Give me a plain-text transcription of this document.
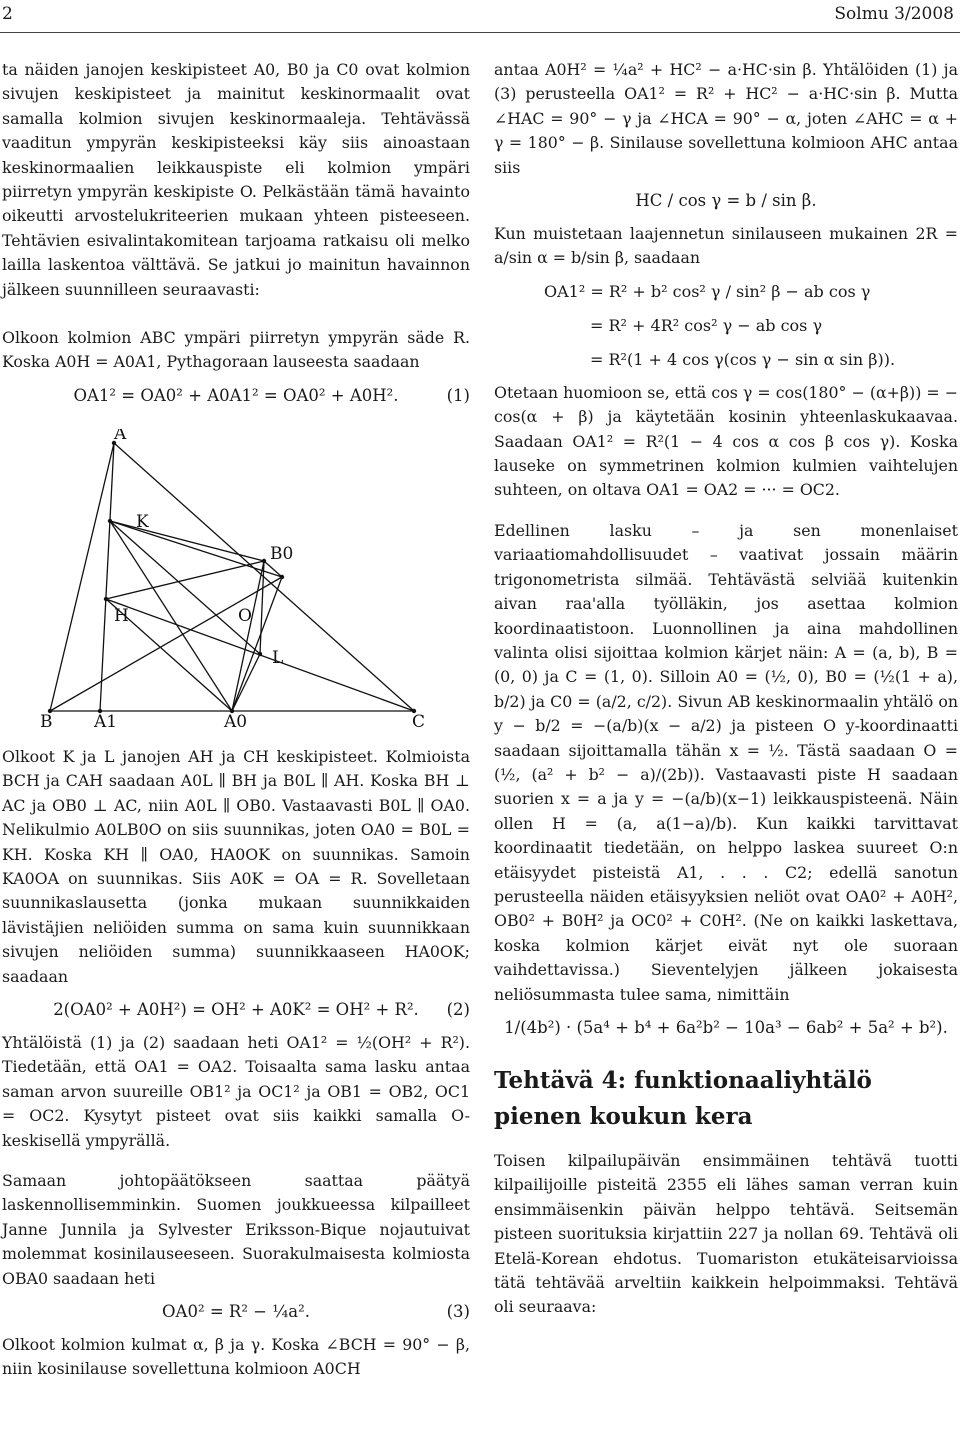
2	Solmu 3/2008

ta näiden janojen keskipisteet A0, B0 ja C0 ovat kolmion sivujen keskipisteet ja mainitut keskinormaalit ovat samalla kolmion sivujen keskinormaaleja. Tehtävässä vaaditun ympyrän keskipisteeksi käy siis ainoastaan keskinormaalien leikkauspiste eli kolmion ympäri piirretyn ympyrän keskipiste O. Pelkästään tämä havainto oikeutti arvostelukriteerien mukaan yhteen pisteeseen. Tehtävien esivalintakomitean tarjoama ratkaisu oli melko lailla laskentoa välttävä. Se jatkui jo mainitun havainnon jälkeen suunnilleen seuraavasti:

Olkoon kolmion ABC ympäri piirretyn ympyrän säde R. Koska A0H = A0A1, Pythagoraan lauseesta saadaan

OA1² = OA0² + A0A1² = OA0² + A0H².	(1)
A
K
B0
H	O
L
B A1	A0	C

Olkoot K ja L janojen AH ja CH keskipisteet. Kolmioista BCH ja CAH saadaan A0L ∥ BH ja B0L ∥ AH. Koska BH ⊥ AC ja OB0 ⊥ AC, niin A0L ∥ OB0. Vastaavasti B0L ∥ OA0. Nelikulmio A0LB0O on siis suunnikas, joten OA0 = B0L = KH. Koska KH ∥ OA0, HA0OK on suunnikas. Samoin KA0OA on suunnikas. Siis A0K = OA = R. Sovelletaan suunnikaslausetta (jonka mukaan suunnikkaiden lävistäjien neliöiden summa on sama kuin suunnikkaan sivujen neliöiden summa) suunnikkaaseen HA0OK; saadaan

2(OA0² + A0H²) = OH² + A0K² = OH² + R². (2)

Yhtälöistä (1) ja (2) saadaan heti OA1² = ½(OH² + R²). Tiedetään, että OA1 = OA2. Toisaalta sama lasku antaa saman arvon suureille OB1² ja OC1² ja OB1 = OB2, OC1 = OC2. Kysytyt pisteet ovat siis kaikki samalla O-keskisellä ympyrällä.

Samaan johtopäätökseen saattaa päätyä laskennollisemminkin. Suomen joukkueessa kilpailleet Janne Junnila ja Sylvester Eriksson-Bique nojautuivat molemmat kosinilauseeseen. Suorakulmaisesta kolmiosta OBA0 saadaan heti

OA0² = R² − ¼a².	(3)

Olkoot kolmion kulmat α, β ja γ. Koska ∠BCH = 90° − β, niin kosinilause sovellettuna kolmioon A0CH

antaa A0H² = ¼a² + HC² − a·HC·sin β. Yhtälöiden (1) ja (3) perusteella OA1² = R² + HC² − a·HC·sin β. Mutta ∠HAC = 90° − γ ja ∠HCA = 90° − α, joten ∠AHC = α + γ = 180° − β. Sinilause sovellettuna kolmioon AHC antaa siis

HC / cos γ = b / sin β.

Kun muistetaan laajennetun sinilauseen mukainen 2R = a/sin α = b/sin β, saadaan

OA1² = R² + b² cos² γ / sin² β − ab cos γ
= R² + 4R² cos² γ − ab cos γ
= R²(1 + 4 cos γ(cos γ − sin α sin β)).

Otetaan huomioon se, että cos γ = cos(180° − (α+β)) = − cos(α + β) ja käytetään kosinin yhteenlaskukaavaa. Saadaan OA1² = R²(1 − 4 cos α cos β cos γ). Koska lauseke on symmetrinen kolmion kulmien vaihtelujen suhteen, on oltava OA1 = OA2 = ··· = OC2.

Edellinen lasku – ja sen monenlaiset variaatiomahdollisuudet – vaativat jossain määrin trigonometrista silmää. Tehtävästä selviää kuitenkin aivan raa'alla työlläkin, jos asettaa kolmion koordinaatistoon. Luonnollinen ja aina mahdollinen valinta olisi sijoittaa kolmion kärjet näin: A = (a, b), B = (0, 0) ja C = (1, 0). Silloin A0 = (½, 0), B0 = (½(1 + a), b/2) ja C0 = (a/2, c/2). Sivun AB keskinormaalin yhtälö on y − b/2 = −(a/b)(x − a/2) ja pisteen O y-koordinaatti saadaan sijoittamalla tähän x = ½. Tästä saadaan O = (½, (a² + b² − a)/(2b)). Vastaavasti piste H saadaan suorien x = a ja y = −(a/b)(x−1) leikkauspisteenä. Näin ollen H = (a, a(1−a)/b). Kun kaikki tarvittavat koordinaatit tiedetään, on helppo laskea suureet O:n etäisyydet pisteistä A1, . . . C2; edellä sanotun perusteella näiden etäisyyksien neliöt ovat OA0² + A0H², OB0² + B0H² ja OC0² + C0H². (Ne on kaikki laskettava, koska kolmion kärjet eivät nyt ole suoraan vaihdettavissa.) Sieventelyjen jälkeen jokaisesta neliösummasta tulee sama, nimittäin

1/(4b²) · (5a⁴ + b⁴ + 6a²b² − 10a³ − 6ab² + 5a² + b²).
Tehtävä 4: funktionaaliyhtälö pienen koukun kera

Toisen kilpailupäivän ensimmäinen tehtävä tuotti kilpailijoille pisteitä 2355 eli lähes saman verran kuin ensimmäisenkin päivän helppo tehtävä. Seitsemän pisteen suorituksia kirjattiin 227 ja nollan 69. Tehtävä oli Etelä-Korean ehdotus. Tuomariston etukäteisarvioissa tätä tehtävää arveltiin kaikkein helpoimmaksi. Tehtävä oli seuraava:
